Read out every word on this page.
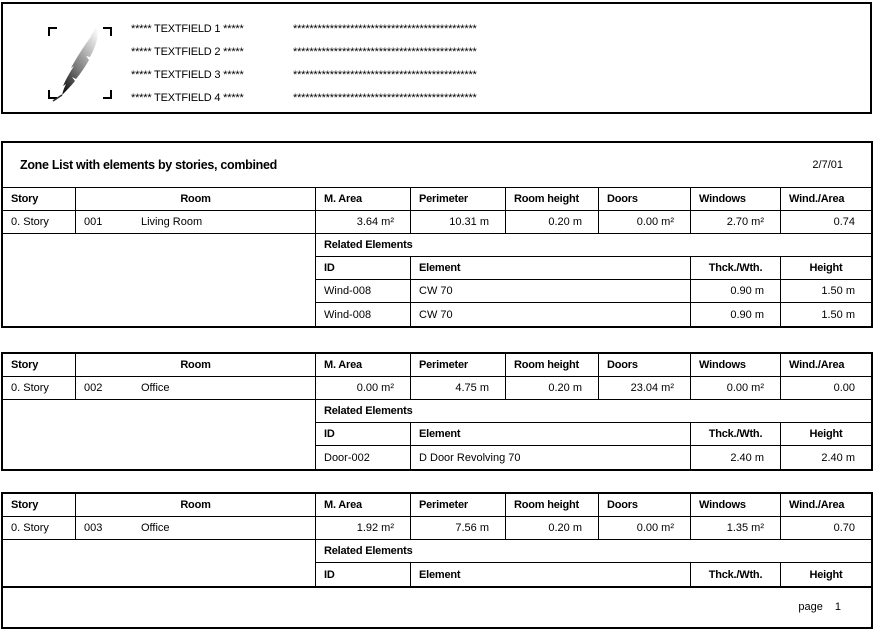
***** TEXTFIELD 1 *****	*********************************************
***** TEXTFIELD 2 *****	*********************************************
***** TEXTFIELD 3 *****	*********************************************
***** TEXTFIELD 4 *****	*********************************************
Zone List with elements by stories, combined	2/7/01
Story	Room	M. Area	Perimeter	Room height	Doors	Windows	Wind./Area
0. Story	001	Living Room	3.64 m²	10.31 m	0.20 m	0.00 m²	2.70 m²	0.74
Related Elements
ID	Element	Thck./Wth.	Height
Wind-008	CW 70	0.90 m	1.50 m
Wind-008	CW 70	0.90 m	1.50 m
Story	Room	M. Area	Perimeter	Room height	Doors	Windows	Wind./Area
0. Story	002	Office	0.00 m²	4.75 m	0.20 m	23.04 m²	0.00 m²	0.00
Related Elements
ID	Element	Thck./Wth.	Height
Door-002	D Door Revolving 70	2.40 m	2.40 m
Story	Room	M. Area	Perimeter	Room height	Doors	Windows	Wind./Area
0. Story	003	Office	1.92 m²	7.56 m	0.20 m	0.00 m²	1.35 m²	0.70
Related Elements
ID	Element	Thck./Wth.	Height
page 1
